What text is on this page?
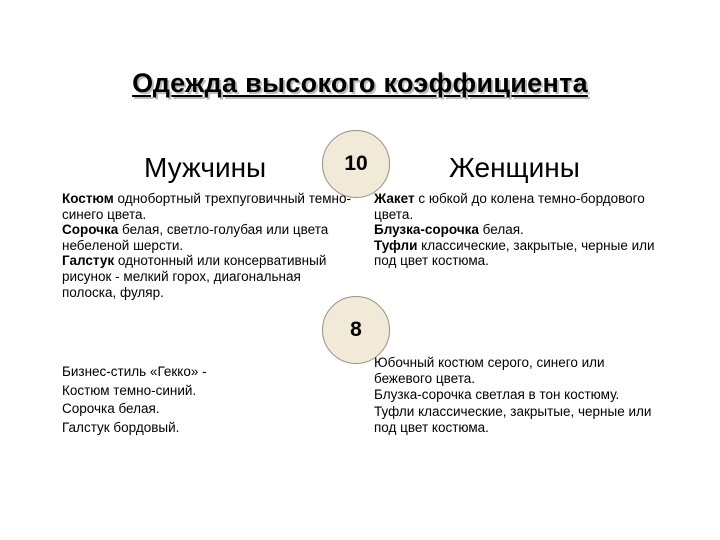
Одежда высокого коэффициента
Мужчины	Женщины
10
8

Костюм однобортный трехпуговичный темно-синего цвета.

Сорочка белая, светло-голубая или цвета небеленой шерсти.

Галстук однотонный или консервативный рисунок - мелкий горох, диагональная полоска, фуляр.

Жакет с юбкой до колена темно-бордового цвета.

Блузка-сорочка белая.

Туфли классические, закрытые, черные или под цвет костюма.

Бизнес-стиль «Гекко» -

Костюм темно-синий.

Сорочка белая.

Галстук бордовый.

Юбочный костюм серого, синего или бежевого цвета.

Блузка-сорочка светлая в тон костюму.

Туфли классические, закрытые, черные или

под цвет костюма.
